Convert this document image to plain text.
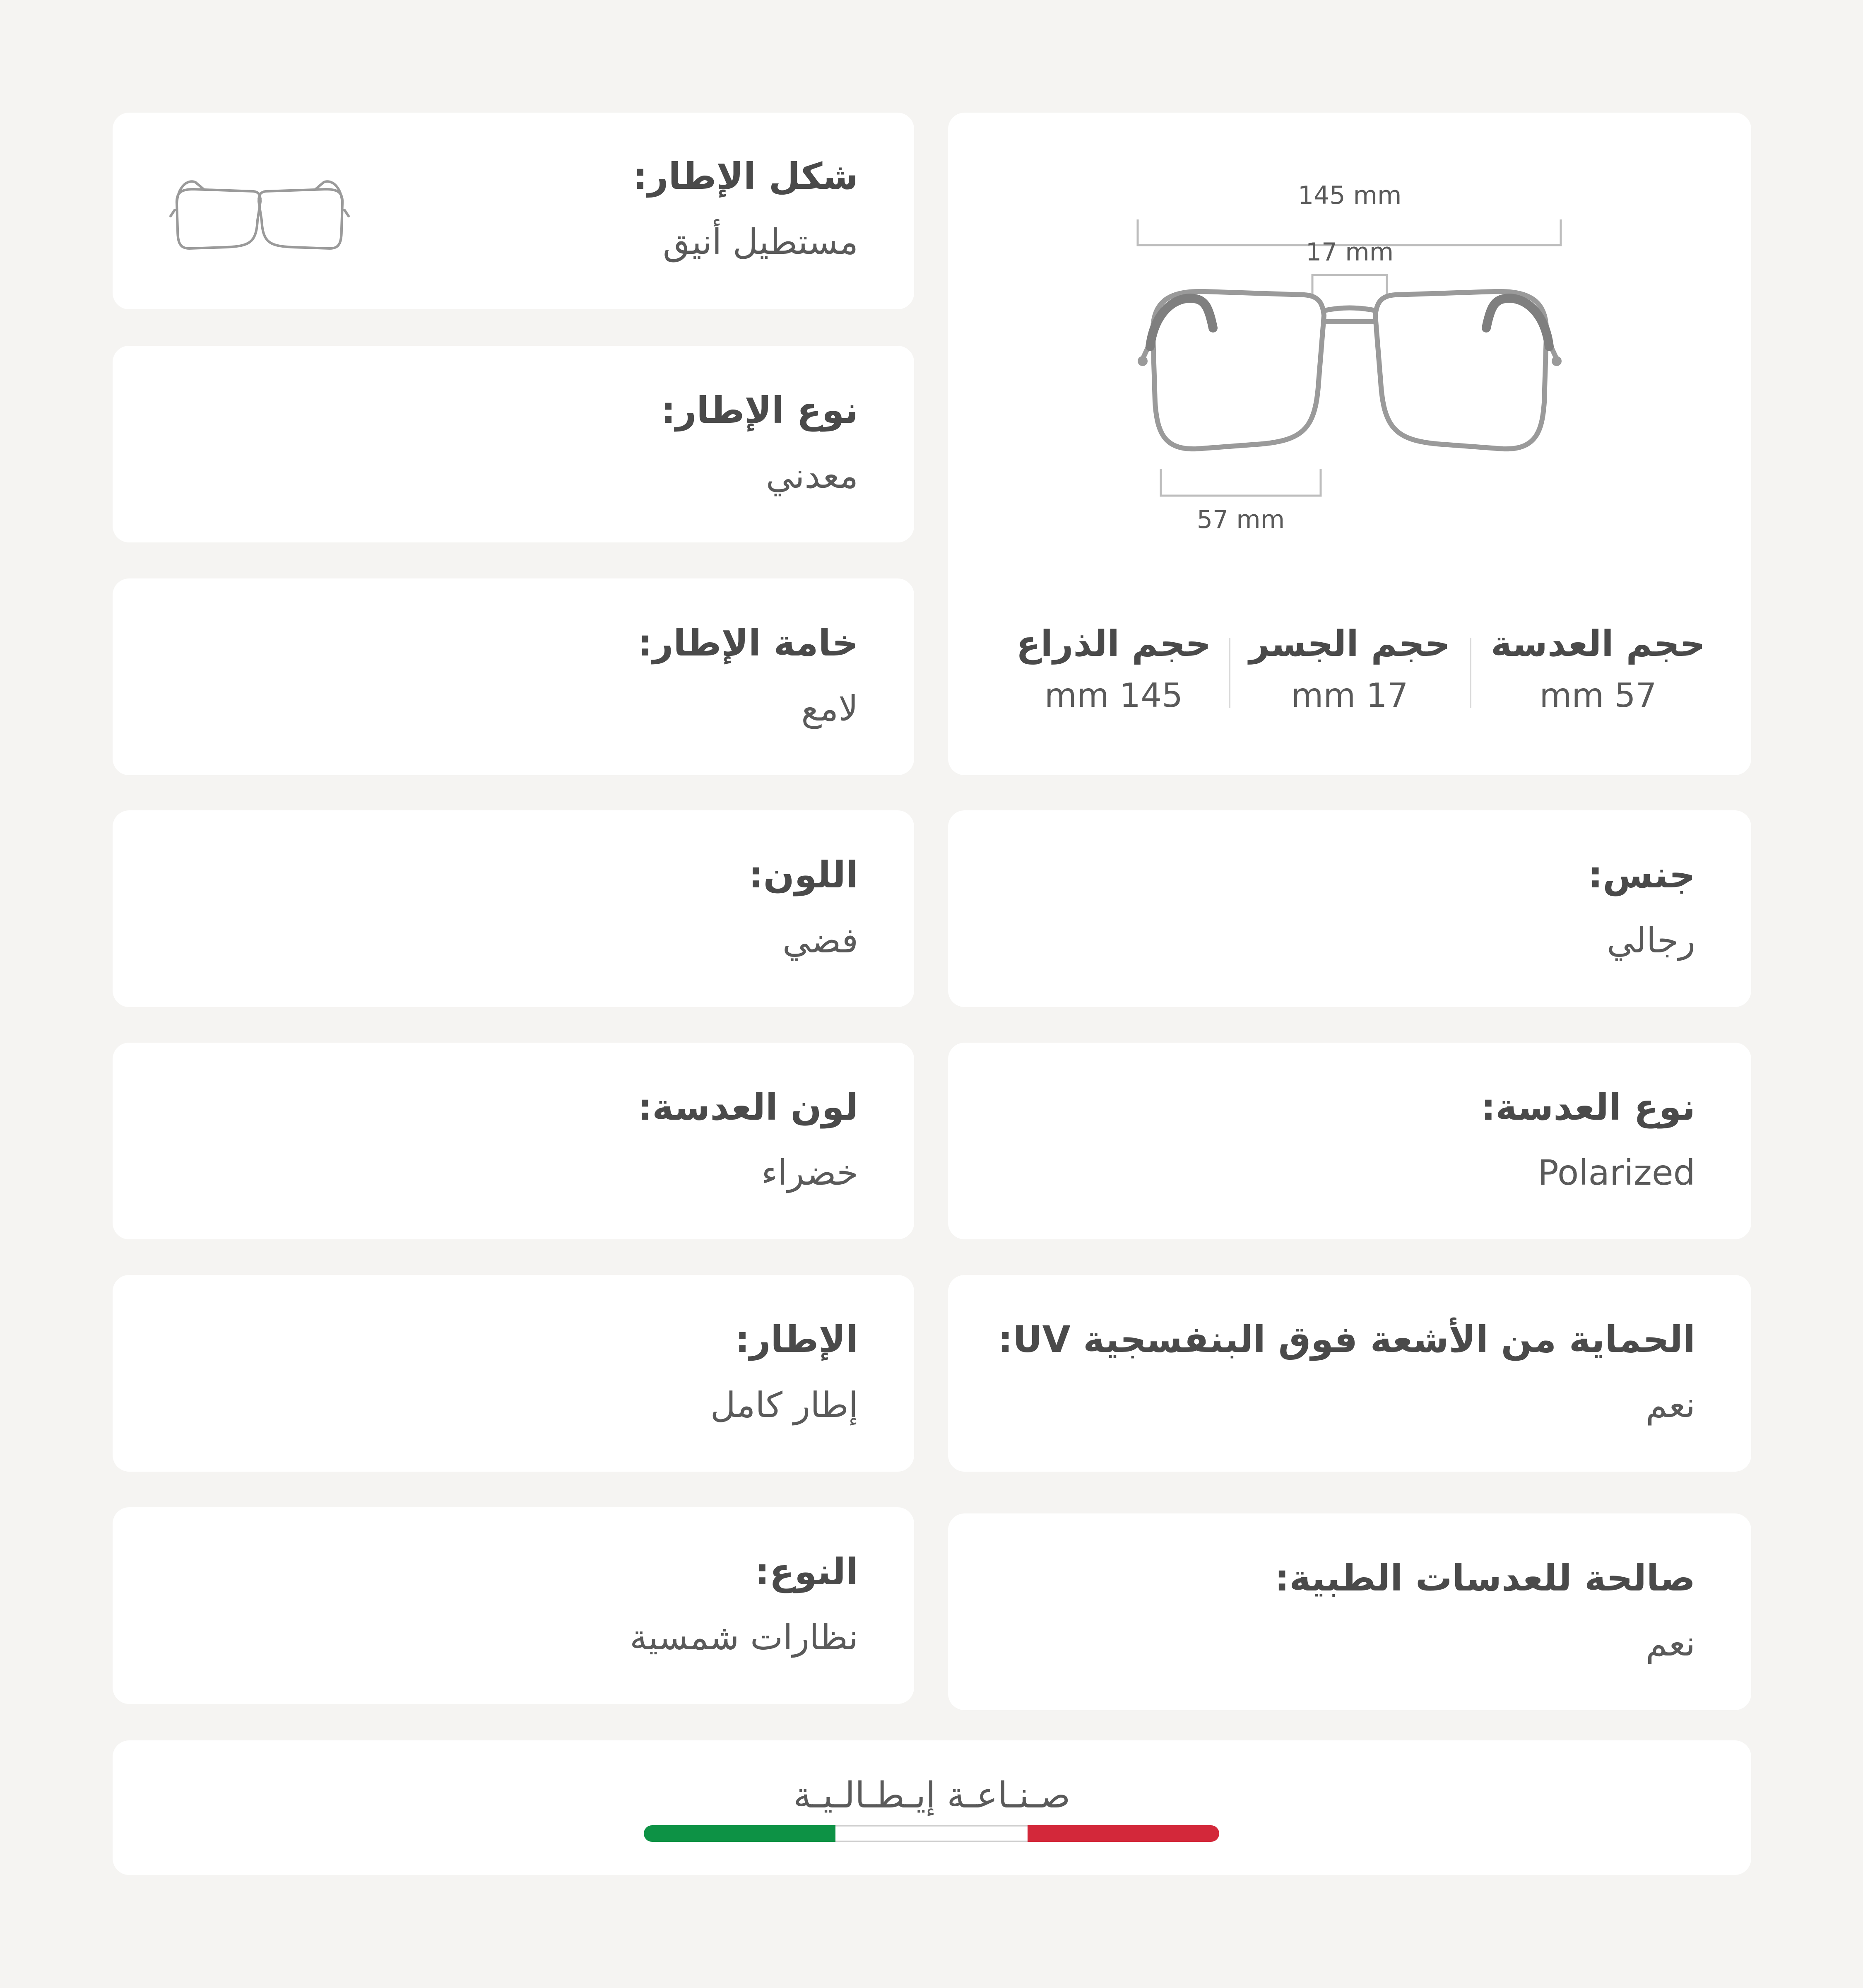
145 mm
17 mm
57 mm
حجم العدسة
57 mm
حجم الجسر
17 mm
حجم الذراع
145 mm
شكل الإطار:
مستطيل أنيق
نوع الإطار:
معدني
خامة الإطار:
لامع
اللون:
فضي
جنس:
رجالي
لون العدسة:
خضراء
نوع العدسة:
Polarized
الإطار:
إطار كامل
الحماية من الأشعة فوق البنفسجية UV:
نعم
النوع:
نظارات شمسية
صالحة للعدسات الطبية:
نعم
صـنـاعـة إيـطـالـيـة
